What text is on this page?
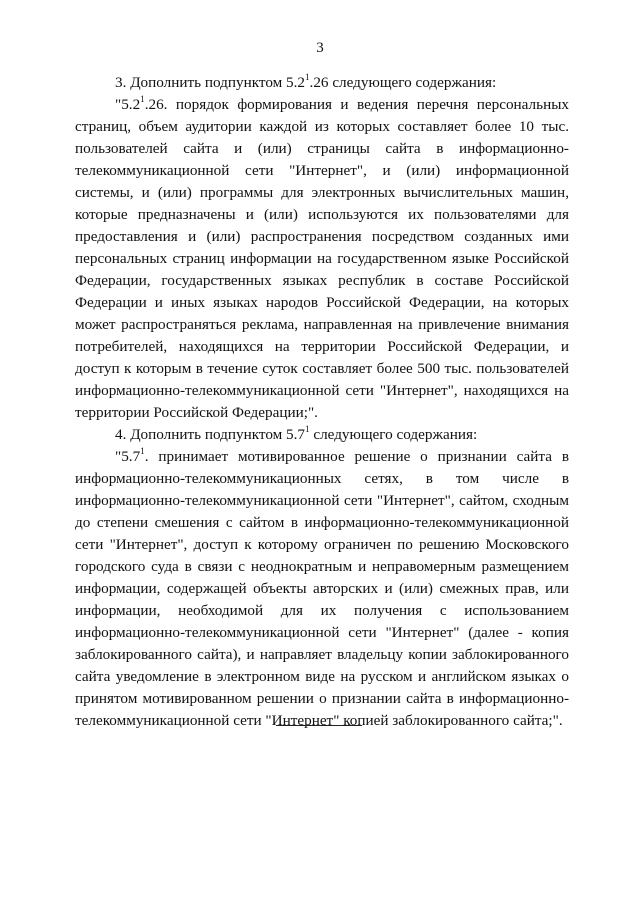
3

3. Дополнить подпунктом $5.2^1.26$ следующего содержания:

"$5.2^1.26$. порядок формирования и ведения перечня персональных страниц, объем аудитории каждой из которых составляет более 10 тыс. пользователей сайта и (или) страницы сайта в информационно-телекоммуникационной сети "Интернет", и (или) информационной системы, и (или) программы для электронных вычислительных машин, которые предназначены и (или) используются их пользователями для предоставления и (или) распространения посредством созданных ими персональных страниц информации на государственном языке Российской Федерации, государственных языках республик в составе Российской Федерации и иных языках народов Российской Федерации, на которых может распространяться реклама, направленная на привлечение внимания потребителей, находящихся на территории Российской Федерации, и доступ к которым в течение суток составляет более 500 тыс. пользователей информационно-телекоммуникационной сети "Интернет", находящихся на территории Российской Федерации;".

4. Дополнить подпунктом $5.7^1$ следующего содержания:

"$5.7^1$. принимает мотивированное решение о признании сайта в информационно-телекоммуникационных сетях, в том числе в информационно-телекоммуникационной сети "Интернет", сайтом, сходным до степени смешения с сайтом в информационно-телекоммуникационной сети "Интернет", доступ к которому ограничен по решению Московского городского суда в связи с неоднократным и неправомерным размещением информации, содержащей объекты авторских и (или) смежных прав, или информации, необходимой для их получения с использованием информационно-телекоммуникационной сети "Интернет" (далее - копия заблокированного сайта), и направляет владельцу копии заблокированного сайта уведомление в электронном виде на русском и английском языках о принятом мотивированном решении о признании сайта в информационно-телекоммуникационной сети "Интернет" копией заблокированного сайта;".
